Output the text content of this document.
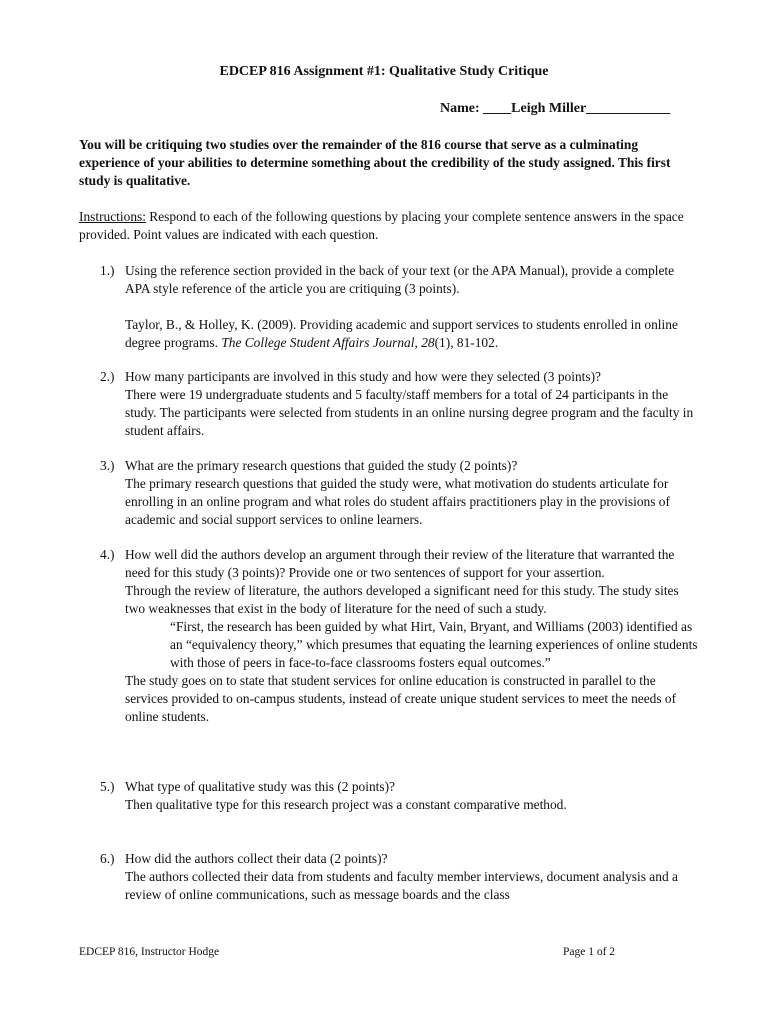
EDCEP 816 Assignment #1: Qualitative Study Critique
Name: ____Leigh Miller____________
You will be critiquing two studies over the remainder of the 816 course that serve as a culminating experience of your abilities to determine something about the credibility of the study assigned. This first study is qualitative.
Instructions: Respond to each of the following questions by placing your complete sentence answers in the space provided. Point values are indicated with each question.
1.) Using the reference section provided in the back of your text (or the APA Manual), provide a complete APA style reference of the article you are critiquing (3 points).
Taylor, B., & Holley, K. (2009). Providing academic and support services to students enrolled in online degree programs. The College Student Affairs Journal, 28(1), 81-102.
2.) How many participants are involved in this study and how were they selected (3 points)?
There were 19 undergraduate students and 5 faculty/staff members for a total of 24 participants in the study. The participants were selected from students in an online nursing degree program and the faculty in student affairs.
3.) What are the primary research questions that guided the study (2 points)?
The primary research questions that guided the study were, what motivation do students articulate for enrolling in an online program and what roles do student affairs practitioners play in the provisions of academic and social support services to online learners.
4.) How well did the authors develop an argument through their review of the literature that warranted the need for this study (3 points)? Provide one or two sentences of support for your assertion.
Through the review of literature, the authors developed a significant need for this study. The study sites two weaknesses that exist in the body of literature for the need of such a study.
“First, the research has been guided by what Hirt, Vain, Bryant, and Williams (2003) identified as an “equivalency theory,” which presumes that equating the learning experiences of online students with those of peers in face-to-face classrooms fosters equal outcomes.”
The study goes on to state that student services for online education is constructed in parallel to the services provided to on-campus students, instead of create unique student services to meet the needs of online students.
5.) What type of qualitative study was this (2 points)?
Then qualitative type for this research project was a constant comparative method.
6.) How did the authors collect their data (2 points)?
The authors collected their data from students and faculty member interviews, document analysis and a review of online communications, such as message boards and the class
EDCEP 816, Instructor Hodge	Page 1 of 2
